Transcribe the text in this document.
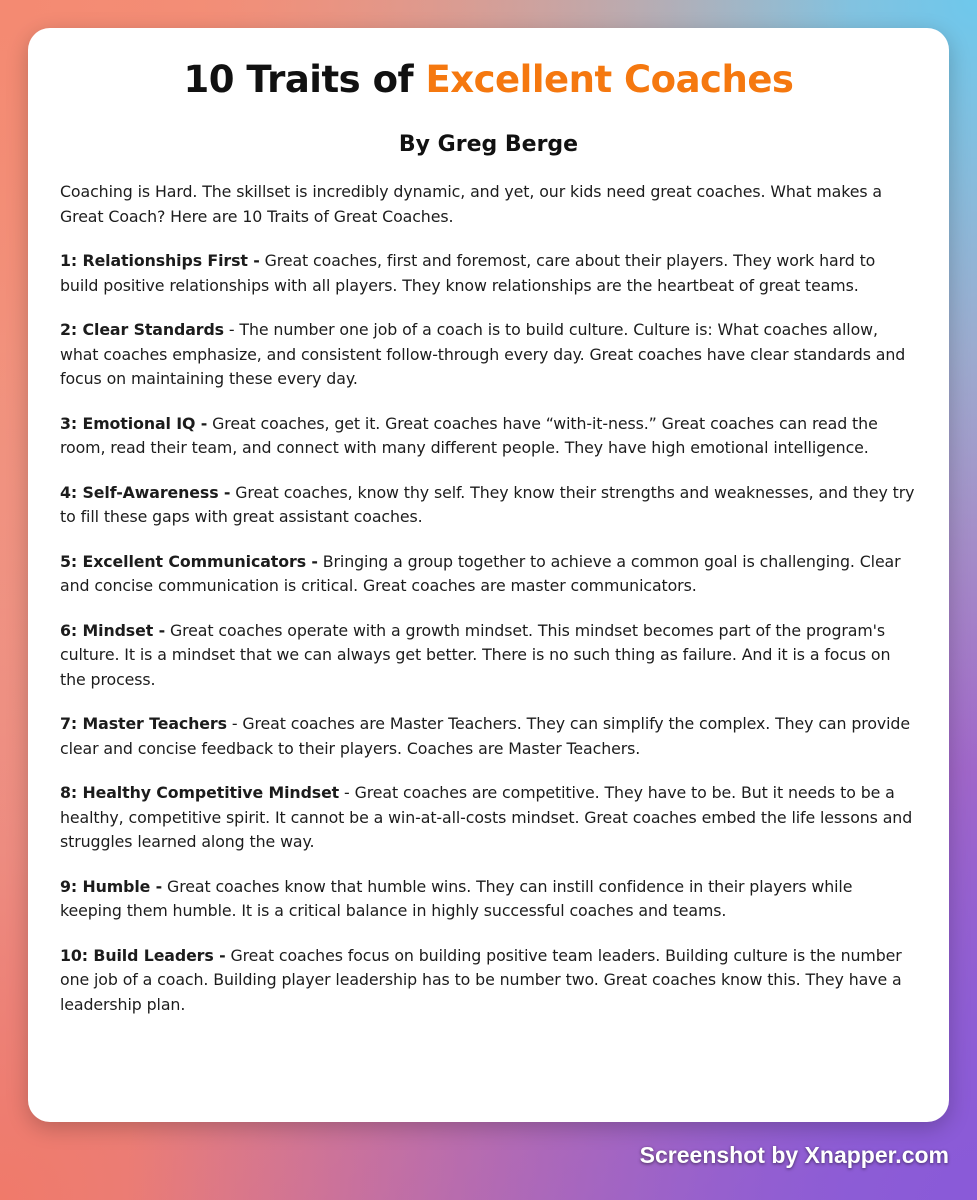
10 Traits of Excellent Coaches
By Greg Berge

Coaching is Hard. The skillset is incredibly dynamic, and yet, our kids need great coaches. What makes a Great Coach? Here are 10 Traits of Great Coaches.

1: Relationships First - Great coaches, first and foremost, care about their players. They work hard to build positive relationships with all players. They know relationships are the heartbeat of great teams.

2: Clear Standards - The number one job of a coach is to build culture. Culture is: What coaches allow, what coaches emphasize, and consistent follow-through every day. Great coaches have clear standards and focus on maintaining these every day.

3: Emotional IQ - Great coaches, get it. Great coaches have “with-it-ness.” Great coaches can read the room, read their team, and connect with many different people. They have high emotional intelligence.

4: Self-Awareness - Great coaches, know thy self. They know their strengths and weaknesses, and they try to fill these gaps with great assistant coaches.

5: Excellent Communicators - Bringing a group together to achieve a common goal is challenging. Clear and concise communication is critical. Great coaches are master communicators.

6: Mindset - Great coaches operate with a growth mindset. This mindset becomes part of the program's culture. It is a mindset that we can always get better. There is no such thing as failure. And it is a focus on the process.

7: Master Teachers - Great coaches are Master Teachers. They can simplify the complex. They can provide clear and concise feedback to their players. Coaches are Master Teachers.

8: Healthy Competitive Mindset - Great coaches are competitive. They have to be. But it needs to be a healthy, competitive spirit. It cannot be a win-at-all-costs mindset. Great coaches embed the life lessons and struggles learned along the way.

9: Humble - Great coaches know that humble wins. They can instill confidence in their players while keeping them humble. It is a critical balance in highly successful coaches and teams.

10: Build Leaders - Great coaches focus on building positive team leaders. Building culture is the number one job of a coach. Building player leadership has to be number two. Great coaches know this. They have a leadership plan.

Screenshot by Xnapper.com
